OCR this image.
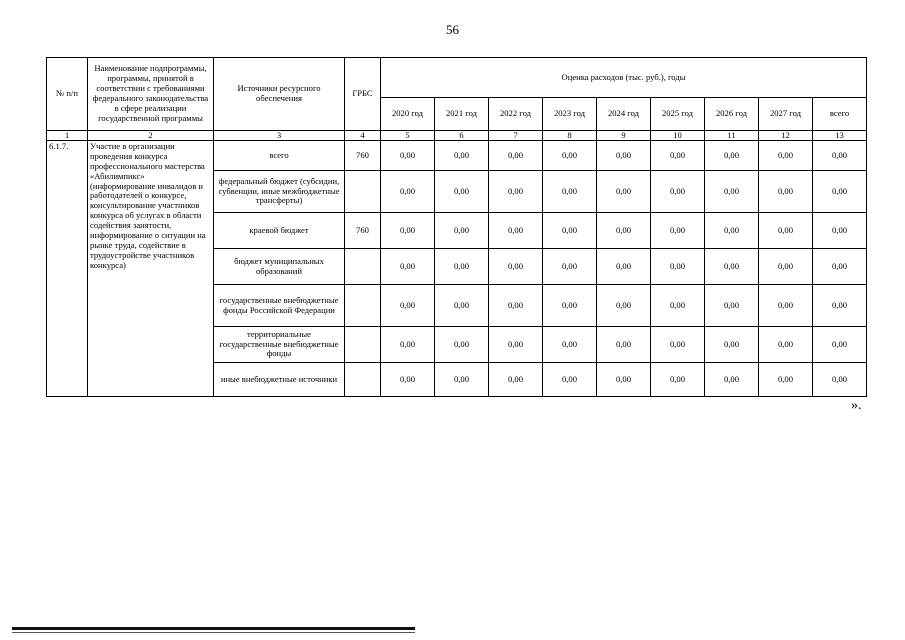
56
№ п/п	Наименование подпрограммы, программы, принятой в соответствии с требованиями федерального законодательства в сфере реализации государственной программы	Источники ресурсного обеспечения	ГРБС	Оценка расходов (тыс. руб.), годы								
				2020 год	2021 год	2022 год	2023 год	2024 год	2025 год	2026 год	2027 год	всего
1	2	3	4	5	6	7	8	9	10	11	12	13
6.1.7.	Участие в организации проведения конкурса профессионального мастерства «Абилимпикс» (информирование инвалидов и работодателей о конкурсе, консультирование участников конкурса об услугах в области содействия занятости, информирование о ситуации на рынке труда, содействие в трудоустройстве участников конкурса)	всего	760	0,00	0,00	0,00	0,00	0,00	0,00	0,00	0,00	0,00
		федеральный бюджет (субсидии, субвенции, иные межбюджетные трансферты)		0,00	0,00	0,00	0,00	0,00	0,00	0,00	0,00	0,00
		краевой бюджет	760	0,00	0,00	0,00	0,00	0,00	0,00	0,00	0,00	0,00
		бюджет муниципальных образований		0,00	0,00	0,00	0,00	0,00	0,00	0,00	0,00	0,00
		государственные внебюджетные фонды Российской Федерации		0,00	0,00	0,00	0,00	0,00	0,00	0,00	0,00	0,00
		территориальные государственные внебюджетные фонды		0,00	0,00	0,00	0,00	0,00	0,00	0,00	0,00	0,00
		иные внебюджетные источники		0,00	0,00	0,00	0,00	0,00	0,00	0,00	0,00	0,00
».
